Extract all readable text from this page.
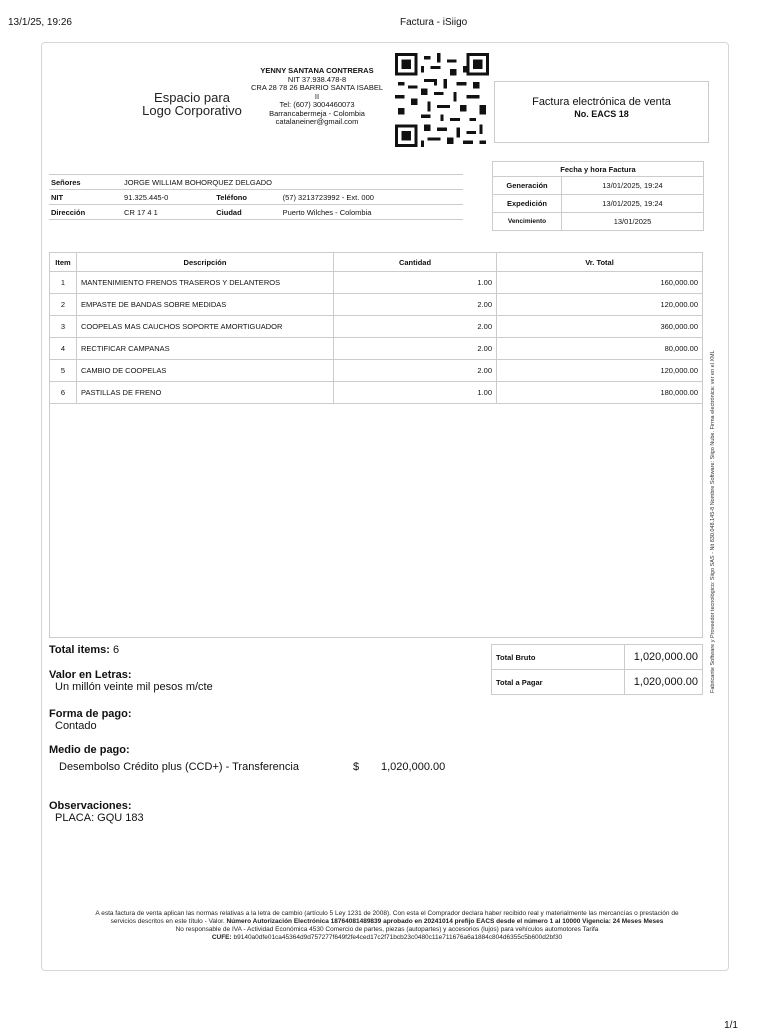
13/1/25, 19:26	Factura - iSiigo
1/1
Espacio para
Logo Corporativo
YENNY SANTANA CONTRERAS
NIT 37.938.478-8
CRA 28 78 26 BARRIO SANTA ISABEL
II
Tel: (607) 3004460073
Barrancabermeja - Colombia
catalaneiner@gmail.com
Factura electrónica de venta
No. EACS 18
Señores	JORGE WILLIAM BOHORQUEZ DELGADO		
NIT	91.325.445-0	Teléfono	(57) 3213723992 - Ext. 000
Dirección	CR 17 4 1	Ciudad	Puerto Wilches - Colombia
Fecha y hora Factura	
Generación	13/01/2025, 19:24
Expedición	13/01/2025, 19:24
Vencimiento	13/01/2025
Item	Descripción	Cantidad	Vr. Total
1	MANTENIMIENTO FRENOS TRASEROS Y DELANTEROS	1.00	160,000.00
2	EMPASTE DE BANDAS SOBRE MEDIDAS	2.00	120,000.00
3	COOPELAS MAS CAUCHOS SOPORTE AMORTIGUADOR	2.00	360,000.00
4	RECTIFICAR CAMPANAS	2.00	80,000.00
5	CAMBIO DE COOPELAS	2.00	120,000.00
6	PASTILLAS DE FRENO	1.00	180,000.00
Total Bruto	1,020,000.00
Total a Pagar	1,020,000.00
Total items: 6
Valor en Letras:
Un millón veinte mil pesos m/cte
Forma de pago:
Contado
Medio de pago:
Desembolso Crédito plus (CCD+) - Transferencia	$ 1,020,000.00
Observaciones:
PLACA: GQU 183
A esta factura de venta aplican las normas relativas a la letra de cambio (artículo 5 Ley 1231 de 2008). Con esta el Comprador declara haber recibido real y materialmente las mercancías o prestación de servicios descritos en este título - Valor. Número Autorización Electrónica 18764081489839 aprobado en 20241014 prefijo EACS desde el número 1 al 10000 Vigencia: 24 Meses Meses
No responsable de IVA - Actividad Económica 4530 Comercio de partes, piezas (autopartes) y accesorios (lujos) para vehículos automotores Tarifa
CUFE: b9140a0dfe01ca45364d9d757277f649f2fe4ced17c2f71bcb23c0480c11e711676a6a1884c804d6355c5b600d2bf30
Fabricante Software y Proveedor tecnológico: Siigo SAS - Nit 830.048.145-8 Nombre Software: Siigo Nube. Firma electrónica: ver en el XML
